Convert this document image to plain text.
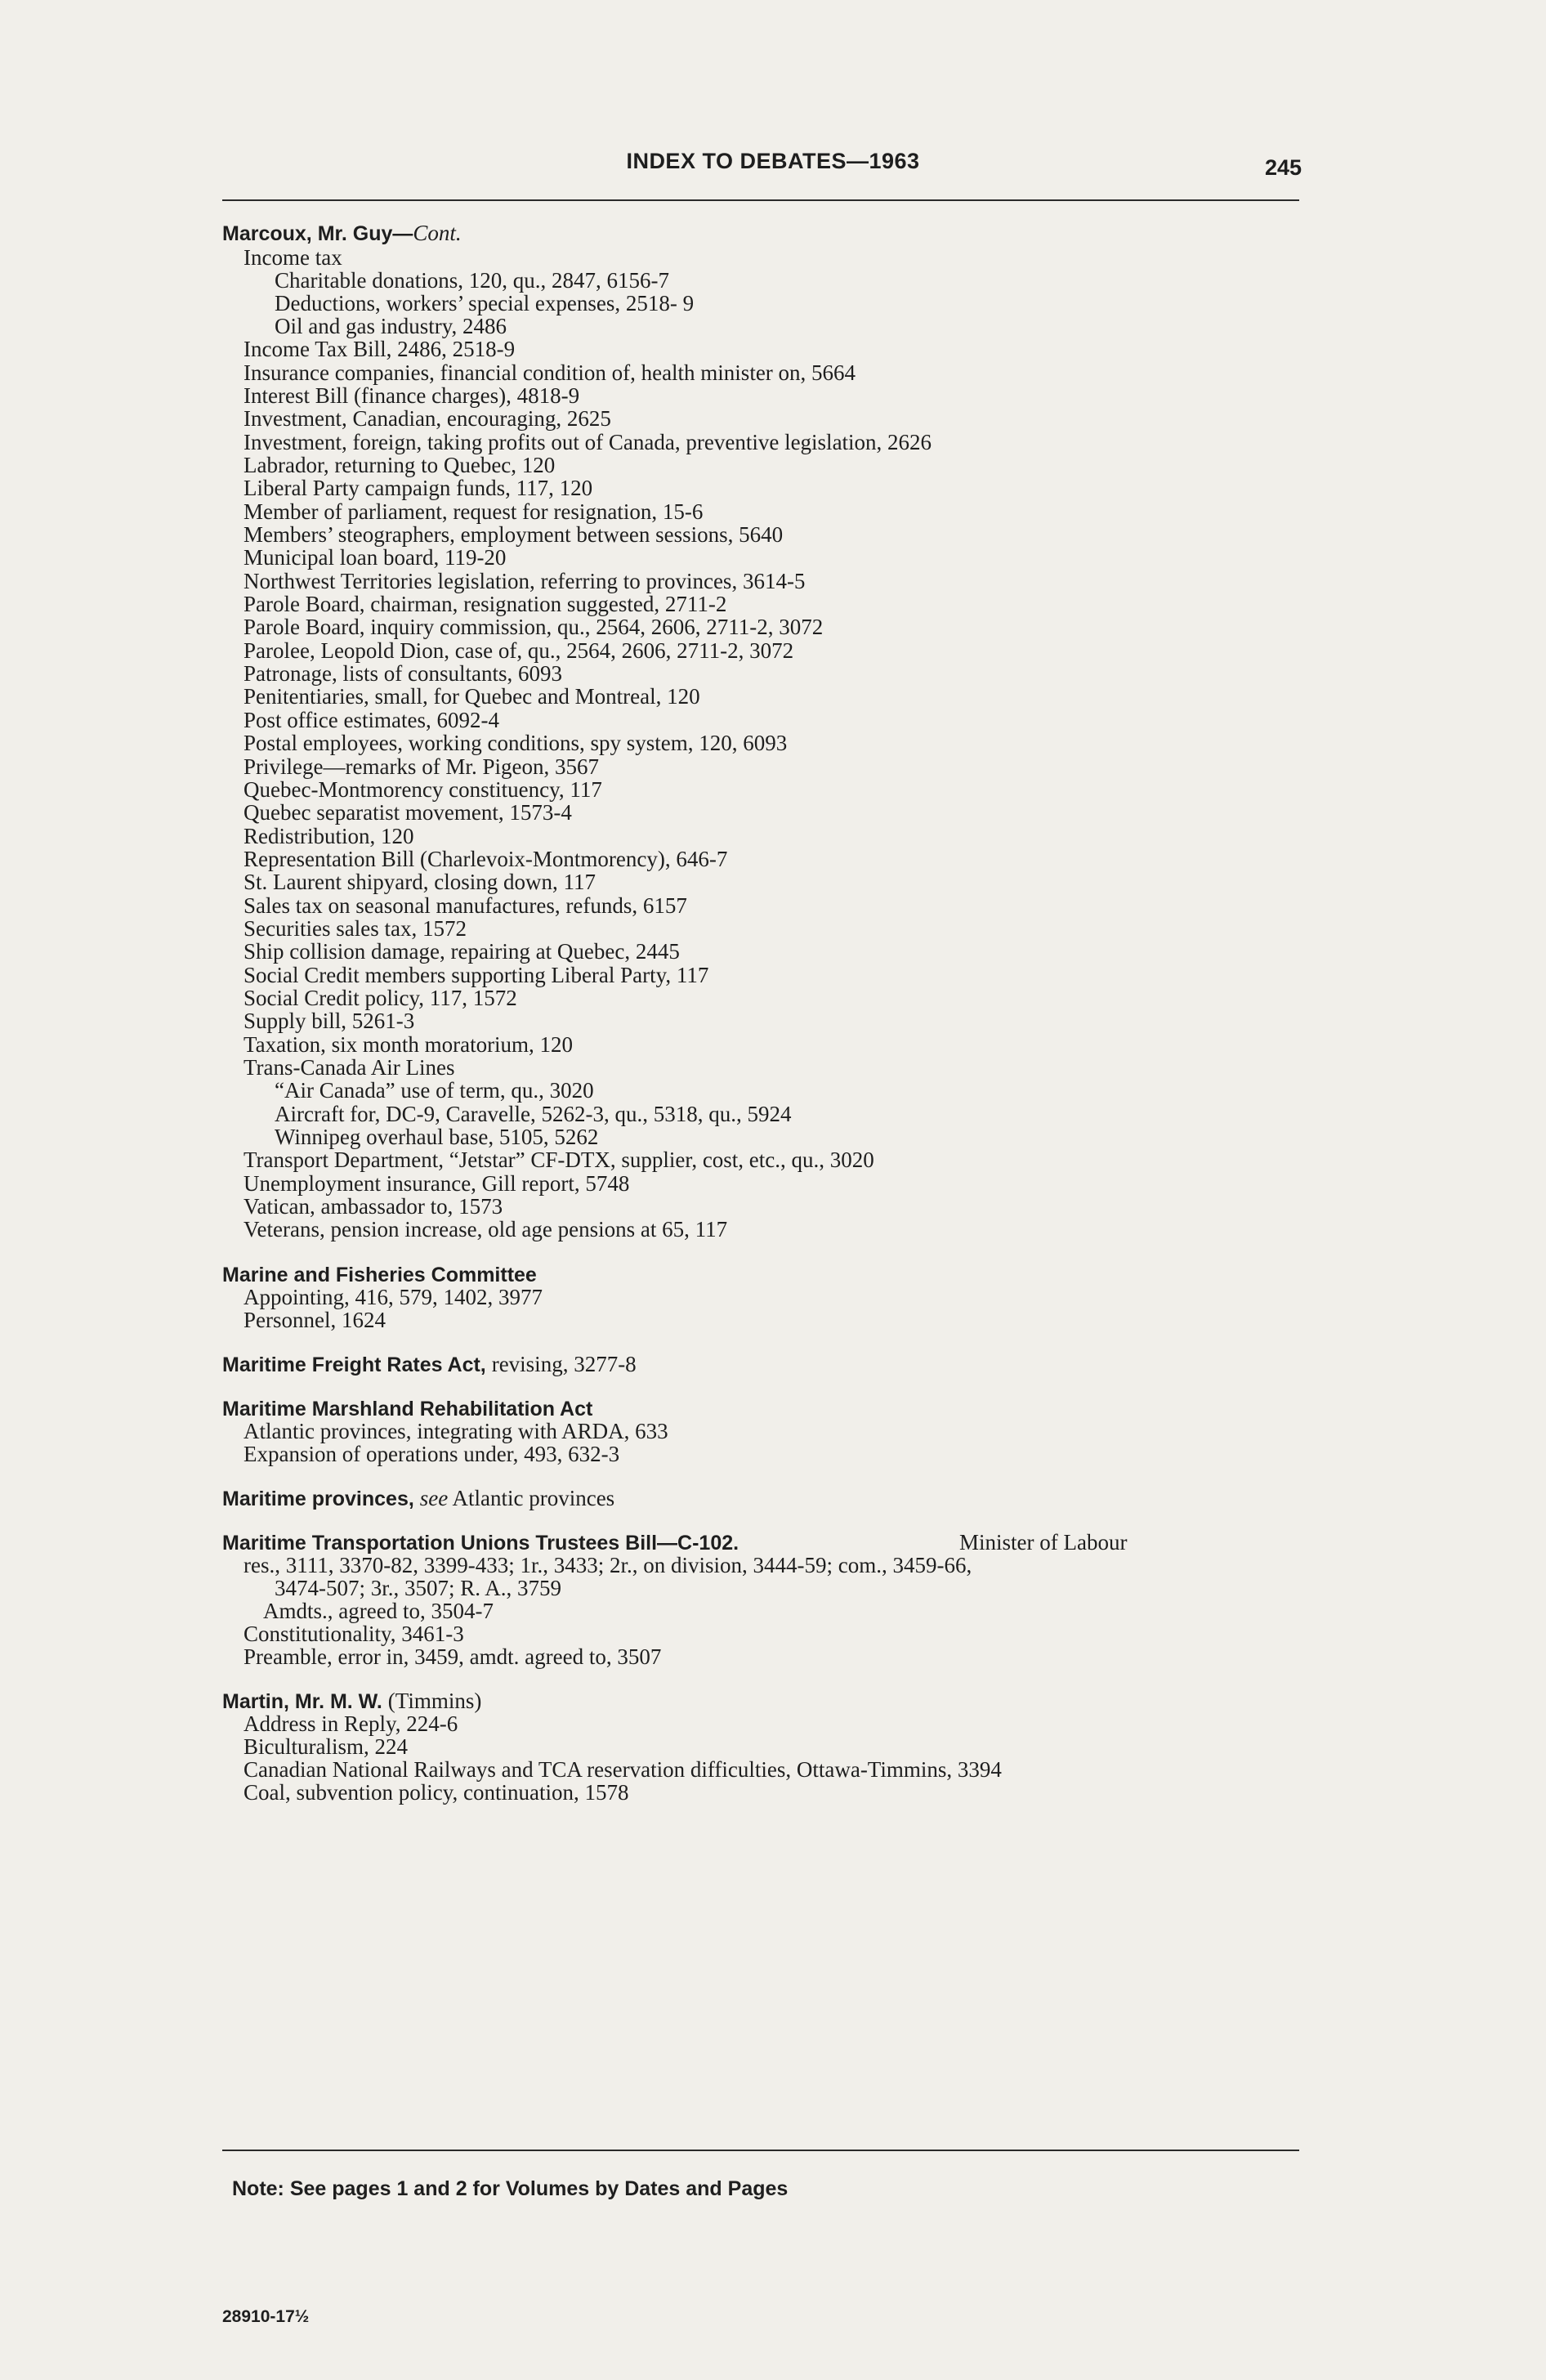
INDEX TO DEBATES—1963	245
Marcoux, Mr. Guy—Cont.
Income tax
Charitable donations, 120, qu., 2847, 6156-7
Deductions, workers’ special expenses, 2518- 9
Oil and gas industry, 2486
Income Tax Bill, 2486, 2518-9
Insurance companies, financial condition of, health minister on, 5664
Interest Bill (finance charges), 4818-9
Investment, Canadian, encouraging, 2625
Investment, foreign, taking profits out of Canada, preventive legislation, 2626
Labrador, returning to Quebec, 120
Liberal Party campaign funds, 117, 120
Member of parliament, request for resignation, 15-6
Members’ steographers, employment between sessions, 5640
Municipal loan board, 119-20
Northwest Territories legislation, referring to provinces, 3614-5
Parole Board, chairman, resignation suggested, 2711-2
Parole Board, inquiry commission, qu., 2564, 2606, 2711-2, 3072
Parolee, Leopold Dion, case of, qu., 2564, 2606, 2711-2, 3072
Patronage, lists of consultants, 6093
Penitentiaries, small, for Quebec and Montreal, 120
Post office estimates, 6092-4
Postal employees, working conditions, spy system, 120, 6093
Privilege—remarks of Mr. Pigeon, 3567
Quebec-Montmorency constituency, 117
Quebec separatist movement, 1573-4
Redistribution, 120
Representation Bill (Charlevoix-Montmorency), 646-7
St. Laurent shipyard, closing down, 117
Sales tax on seasonal manufactures, refunds, 6157
Securities sales tax, 1572
Ship collision damage, repairing at Quebec, 2445
Social Credit members supporting Liberal Party, 117
Social Credit policy, 117, 1572
Supply bill, 5261-3
Taxation, six month moratorium, 120
Trans-Canada Air Lines
“Air Canada” use of term, qu., 3020
Aircraft for, DC-9, Caravelle, 5262-3, qu., 5318, qu., 5924
Winnipeg overhaul base, 5105, 5262
Transport Department, “Jetstar” CF-DTX, supplier, cost, etc., qu., 3020
Unemployment insurance, Gill report, 5748
Vatican, ambassador to, 1573
Veterans, pension increase, old age pensions at 65, 117
Marine and Fisheries Committee
Appointing, 416, 579, 1402, 3977
Personnel, 1624
Maritime Freight Rates Act, revising, 3277-8
Maritime Marshland Rehabilitation Act
Atlantic provinces, integrating with ARDA, 633
Expansion of operations under, 493, 632-3
Maritime provinces, see Atlantic provinces
Maritime Transportation Unions Trustees Bill—C-102.	Minister of Labour
res., 3111, 3370-82, 3399-433; 1r., 3433; 2r., on division, 3444-59; com., 3459-66,
3474-507; 3r., 3507; R. A., 3759
Amdts., agreed to, 3504-7
Constitutionality, 3461-3
Preamble, error in, 3459, amdt. agreed to, 3507
Martin, Mr. M. W. (Timmins)
Address in Reply, 224-6
Biculturalism, 224
Canadian National Railways and TCA reservation difficulties, Ottawa-Timmins, 3394
Coal, subvention policy, continuation, 1578
Note: See pages 1 and 2 for Volumes by Dates and Pages
28910-17½
